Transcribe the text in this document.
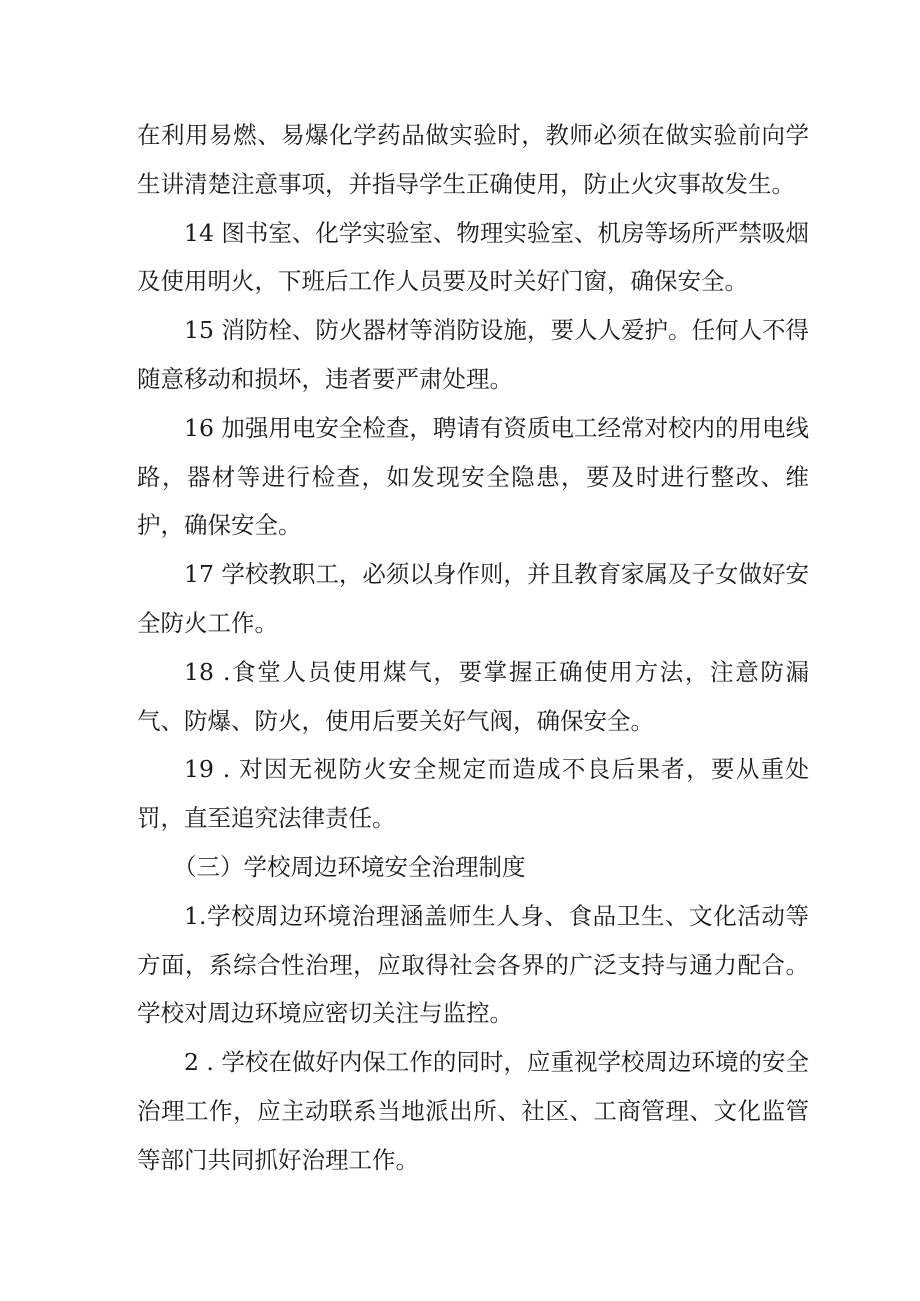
在利用易燃、易爆化学药品做实验时，教师必须在做实验前向学生讲清楚注意事项，并指导学生正确使用，防止火灾事故发生。

14 图书室、化学实验室、物理实验室、机房等场所严禁吸烟及使用明火，下班后工作人员要及时关好门窗，确保安全。

15 消防栓、防火器材等消防设施，要人人爱护。任何人不得随意移动和损坏，违者要严肃处理。

16 加强用电安全检查，聘请有资质电工经常对校内的用电线路，器材等进行检查，如发现安全隐患，要及时进行整改、维护，确保安全。

17 学校教职工，必须以身作则，并且教育家属及子女做好安全防火工作。

18 .食堂人员使用煤气，要掌握正确使用方法，注意防漏气、防爆、防火，使用后要关好气阀，确保安全。

19 . 对因无视防火安全规定而造成不良后果者，要从重处罚，直至追究法律责任。

（三）学校周边环境安全治理制度

1.学校周边环境治理涵盖师生人身、食品卫生、文化活动等方面，系综合性治理，应取得社会各界的广泛支持与通力配合。学校对周边环境应密切关注与监控。

2 . 学校在做好内保工作的同时，应重视学校周边环境的安全治理工作，应主动联系当地派出所、社区、工商管理、文化监管等部门共同抓好治理工作。
